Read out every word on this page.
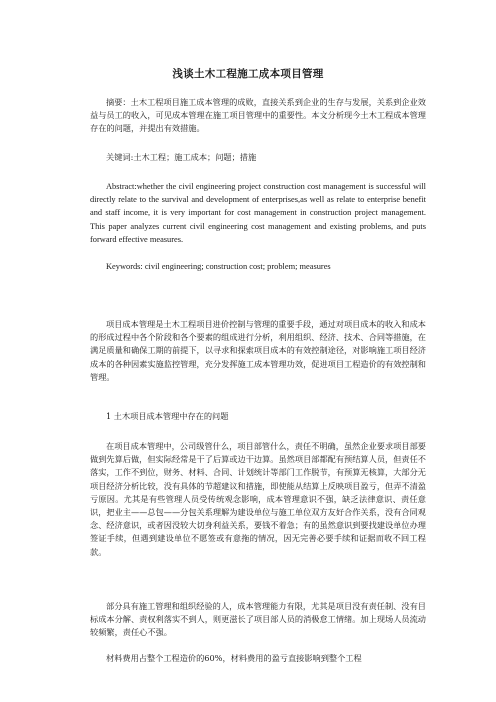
浅谈土木工程施工成本项目管理

摘要：土木工程项目施工成本管理的成败，直接关系到企业的生存与发展，关系到企业效益与员工的收入，可见成本管理在施工项目管理中的重要性。本文分析现今土木工程成本管理存在的问题，并提出有效措施。

关键词:土木工程；施工成本；问题；措施

Abstract:whether the civil engineering project construction cost management is successful will directly relate to the survival and development of enterprises,as well as relate to enterprise benefit and staff income, it is very important for cost management in construction project management. This paper analyzes current civil engineering cost management and existing problems, and puts forward effective measures.

Keywords: civil engineering; construction cost; problem; measures

项目成本管理是土木工程项目进价控制与管理的重要手段，通过对项目成本的收入和成本的形成过程中各个阶段和各个要素的组成进行分析，利用组织、经济、技术、合同等措施，在满足质量和确保工期的前提下，以寻求和探索项目成本的有效控制途径，对影响施工项目经济成本的各种因素实施监控管理，充分发挥施工成本管理功效，促进项目工程造价的有效控制和管理。

1 土木项目成本管理中存在的问题

在项目成本管理中，公司级管什么，项目部管什么，责任不明确，虽然企业要求项目部要做到先算后做，但实际经常是干了后算或边干边算。虽然项目部都配有预结算人员，但责任不落实，工作不到位，财务、材料、合同、计划统计等部门工作脱节，有预算无核算，大部分无项目经济分析比较，没有具体的节超建议和措施，即使能从结算上反映项目盈亏，但弄不清盈亏原因。尤其是有些管理人员受传统观念影响，成本管理意识不强，缺乏法律意识、责任意识，把业主——总包——分包关系理解为建设单位与施工单位双方友好合作关系，没有合同观念、经济意识，或者因没较大切身利益关系，要钱不着急；有的虽然意识到要找建设单位办理签证手续，但遇到建设单位不愿签或有意拖的情况，因无完善必要手续和证据而收不回工程款。

部分具有施工管理和组织经验的人，成本管理能力有限，尤其是项目没有责任制、没有目标成本分解、责权利落实不到人，则更滋长了项目部人员的消极怠工情绪。加上现场人员流动较频繁，责任心不强。

材料费用占整个工程造价的60%，材料费用的盈亏直接影响到整个工程
